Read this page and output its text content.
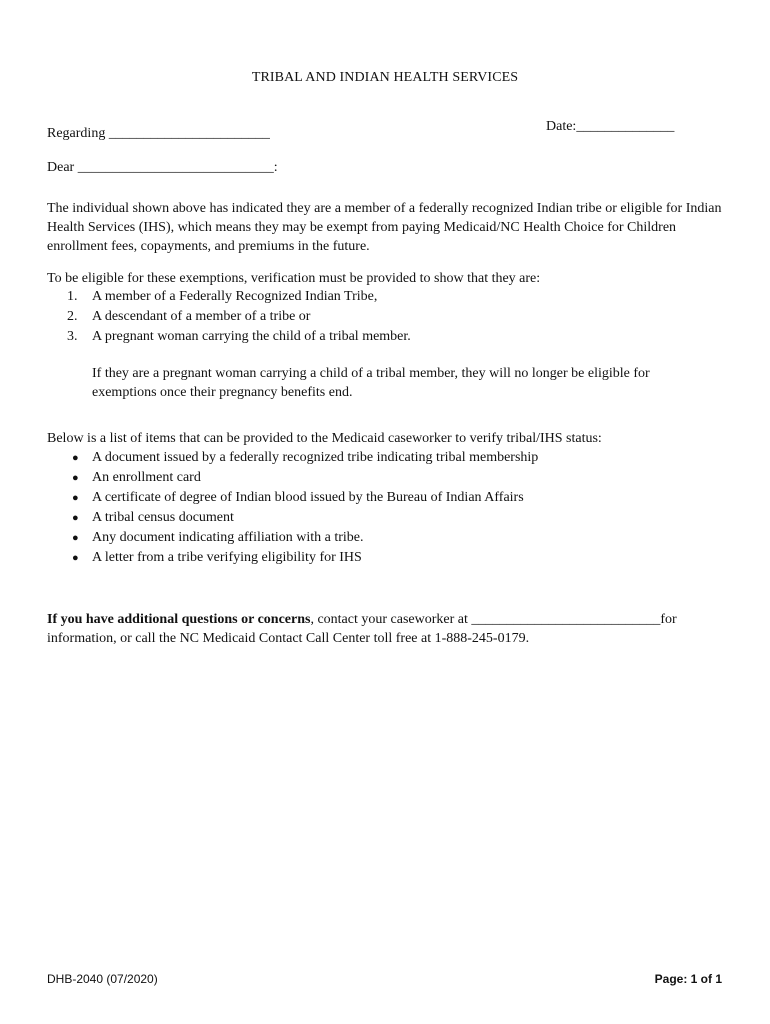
TRIBAL AND INDIAN HEALTH SERVICES
Date:______________
Regarding _______________________
Dear ____________________________:
The individual shown above has indicated they are a member of a federally recognized Indian tribe or eligible for Indian Health Services (IHS), which means they may be exempt from paying Medicaid/NC Health Choice for Children enrollment fees, copayments, and premiums in the future.
To be eligible for these exemptions, verification must be provided to show that they are:
1.	A member of a Federally Recognized Indian Tribe,
2.	A descendant of a member of a tribe or
3.	A pregnant woman carrying the child of a tribal member.
If they are a pregnant woman carrying a child of a tribal member, they will no longer be eligible for exemptions once their pregnancy benefits end.
Below is a list of items that can be provided to the Medicaid caseworker to verify tribal/IHS status:
● A document issued by a federally recognized tribe indicating tribal membership
● An enrollment card
● A certificate of degree of Indian blood issued by the Bureau of Indian Affairs
● A tribal census document
● Any document indicating affiliation with a tribe.
● A letter from a tribe verifying eligibility for IHS
If you have additional questions or concerns, contact your caseworker at ___________________________for
information, or call the NC Medicaid Contact Call Center toll free at 1-888-245-0179.
DHB-2040 (07/2020)	Page: 1 of 1
